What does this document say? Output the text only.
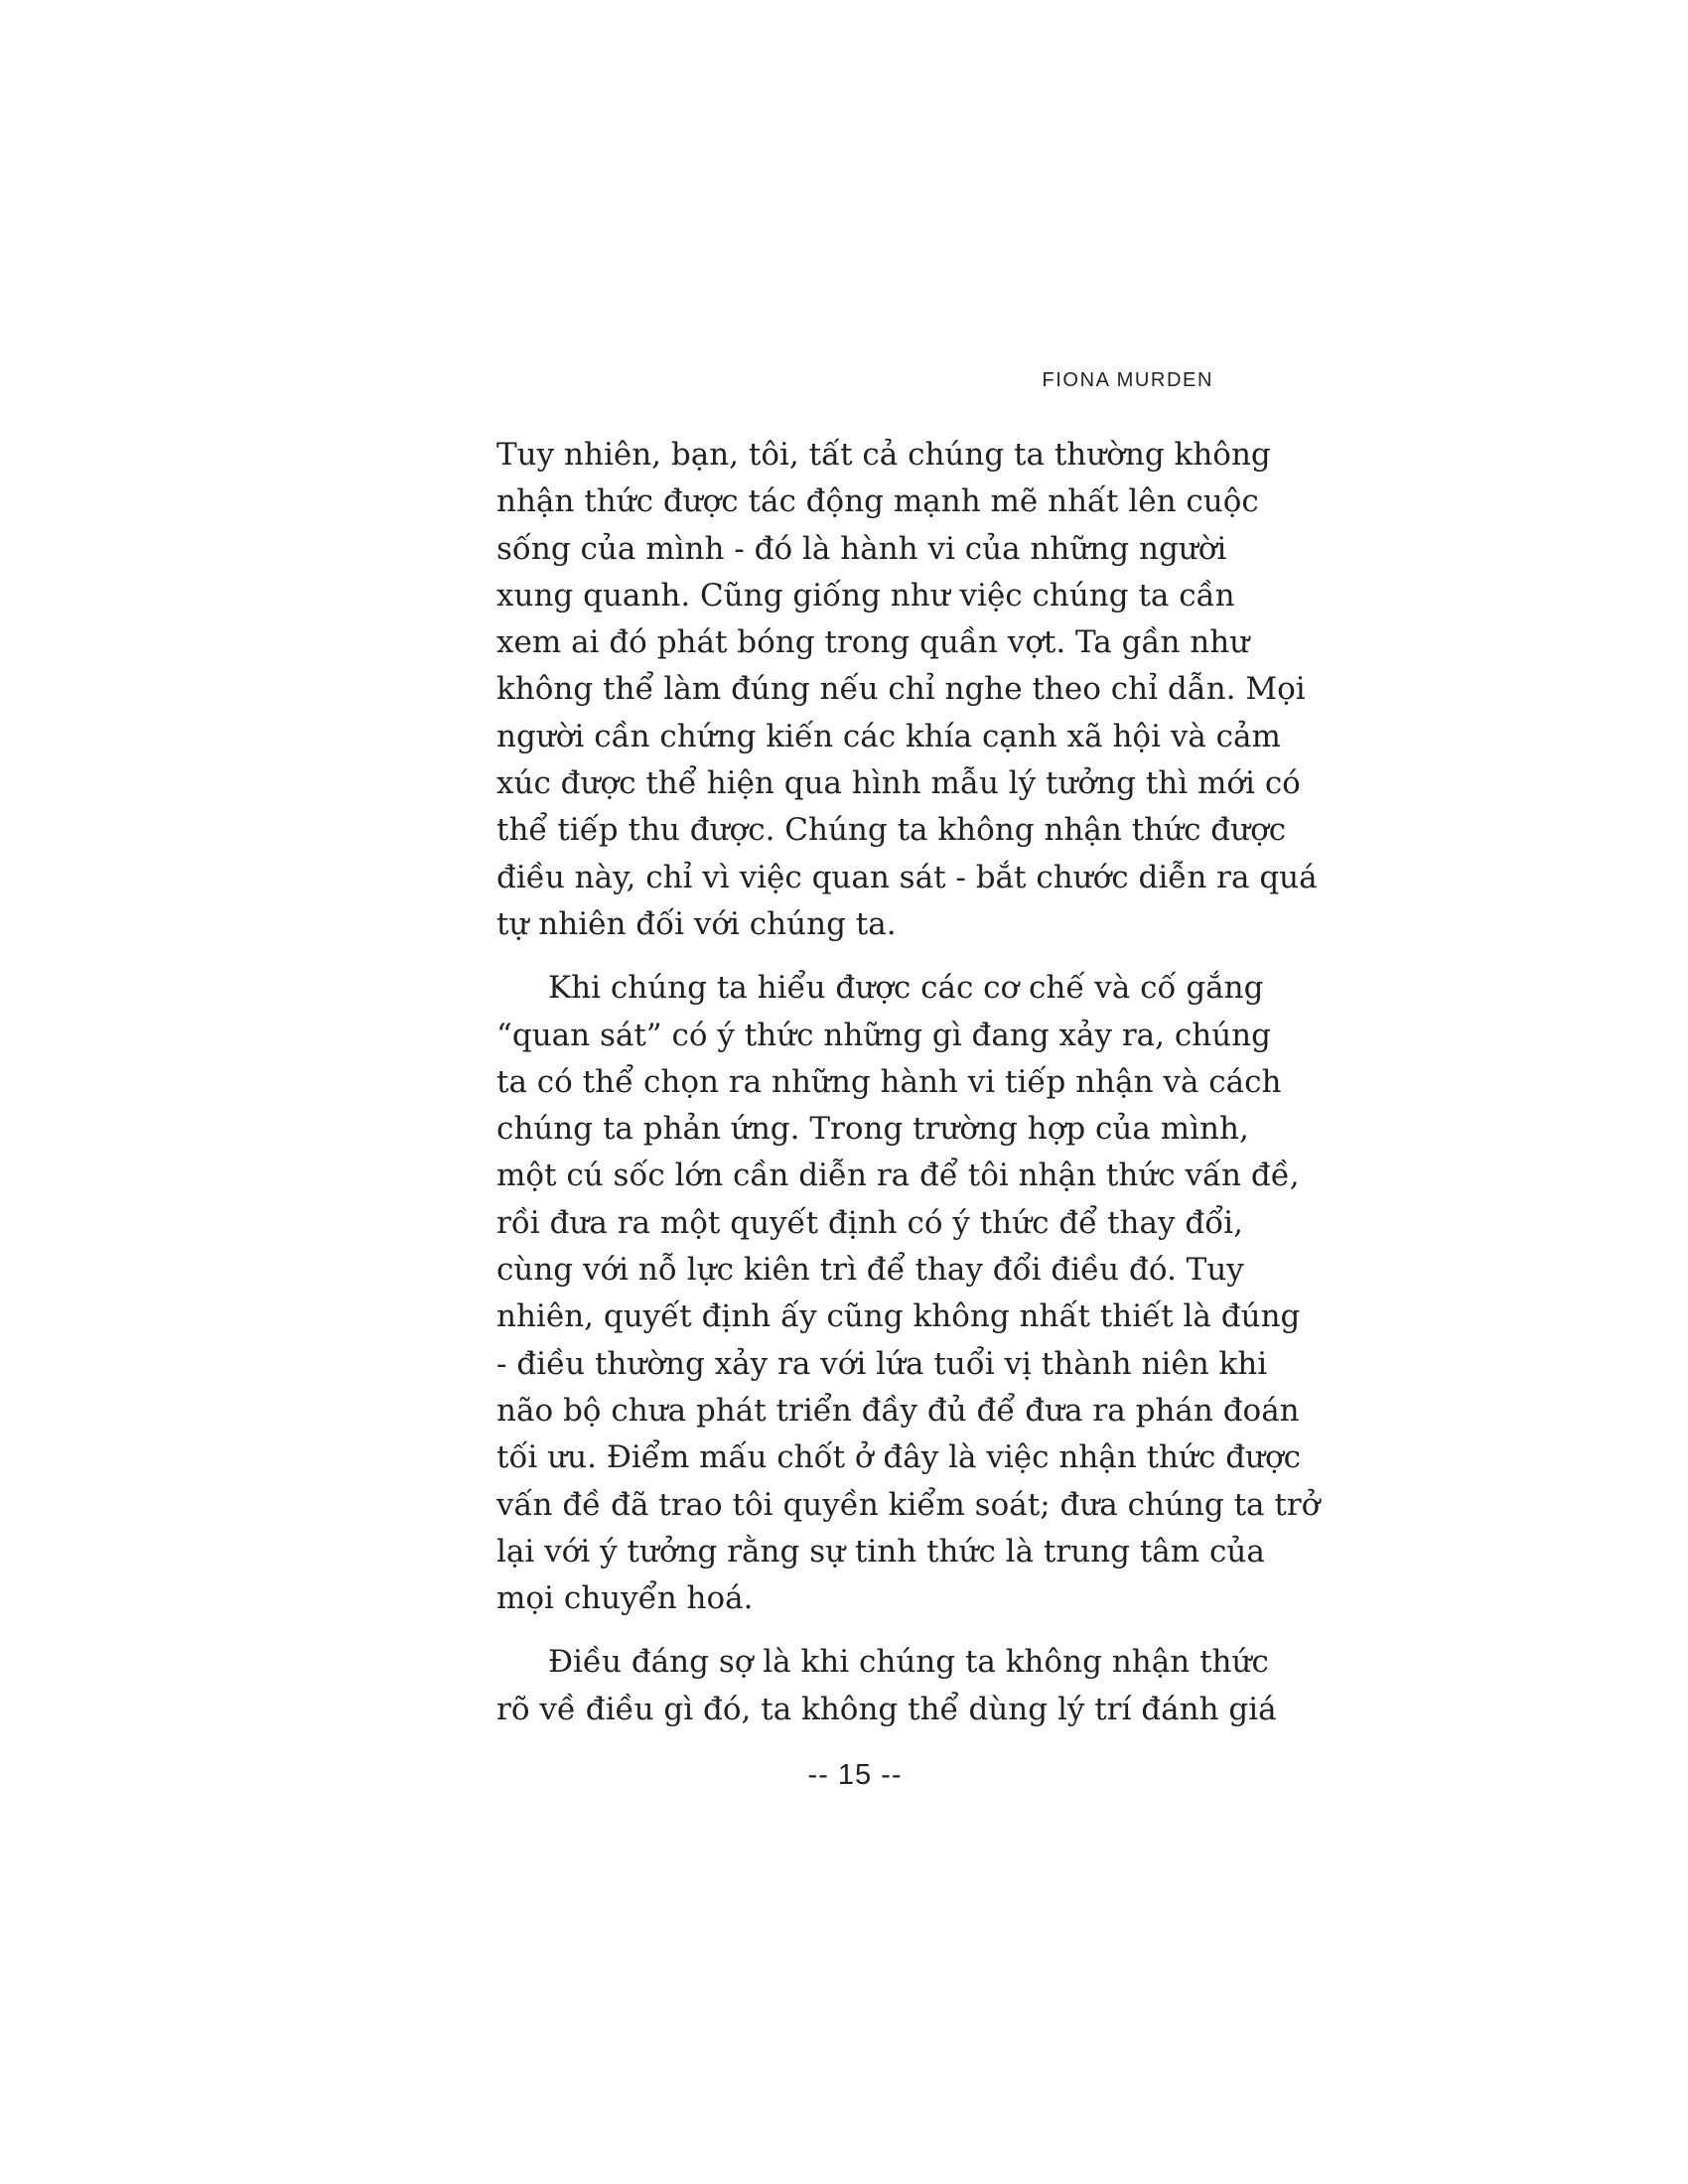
FIONA MURDEN
Tuy nhiên, bạn, tôi, tất cả chúng ta thường không
nhận thức được tác động mạnh mẽ nhất lên cuộc
sống của mình - đó là hành vi của những người
xung quanh. Cũng giống như việc chúng ta cần
xem ai đó phát bóng trong quần vợt. Ta gần như
không thể làm đúng nếu chỉ nghe theo chỉ dẫn. Mọi
người cần chứng kiến các khía cạnh xã hội và cảm
xúc được thể hiện qua hình mẫu lý tưởng thì mới có
thể tiếp thu được. Chúng ta không nhận thức được
điều này, chỉ vì việc quan sát - bắt chước diễn ra quá
tự nhiên đối với chúng ta.
Khi chúng ta hiểu được các cơ chế và cố gắng
“quan sát” có ý thức những gì đang xảy ra, chúng
ta có thể chọn ra những hành vi tiếp nhận và cách
chúng ta phản ứng. Trong trường hợp của mình,
một cú sốc lớn cần diễn ra để tôi nhận thức vấn đề,
rồi đưa ra một quyết định có ý thức để thay đổi,
cùng với nỗ lực kiên trì để thay đổi điều đó. Tuy
nhiên, quyết định ấy cũng không nhất thiết là đúng
- điều thường xảy ra với lứa tuổi vị thành niên khi
não bộ chưa phát triển đầy đủ để đưa ra phán đoán
tối ưu. Điểm mấu chốt ở đây là việc nhận thức được
vấn đề đã trao tôi quyền kiểm soát; đưa chúng ta trở
lại với ý tưởng rằng sự tinh thức là trung tâm của
mọi chuyển hoá.
Điều đáng sợ là khi chúng ta không nhận thức
rõ về điều gì đó, ta không thể dùng lý trí đánh giá
-- 15 --
